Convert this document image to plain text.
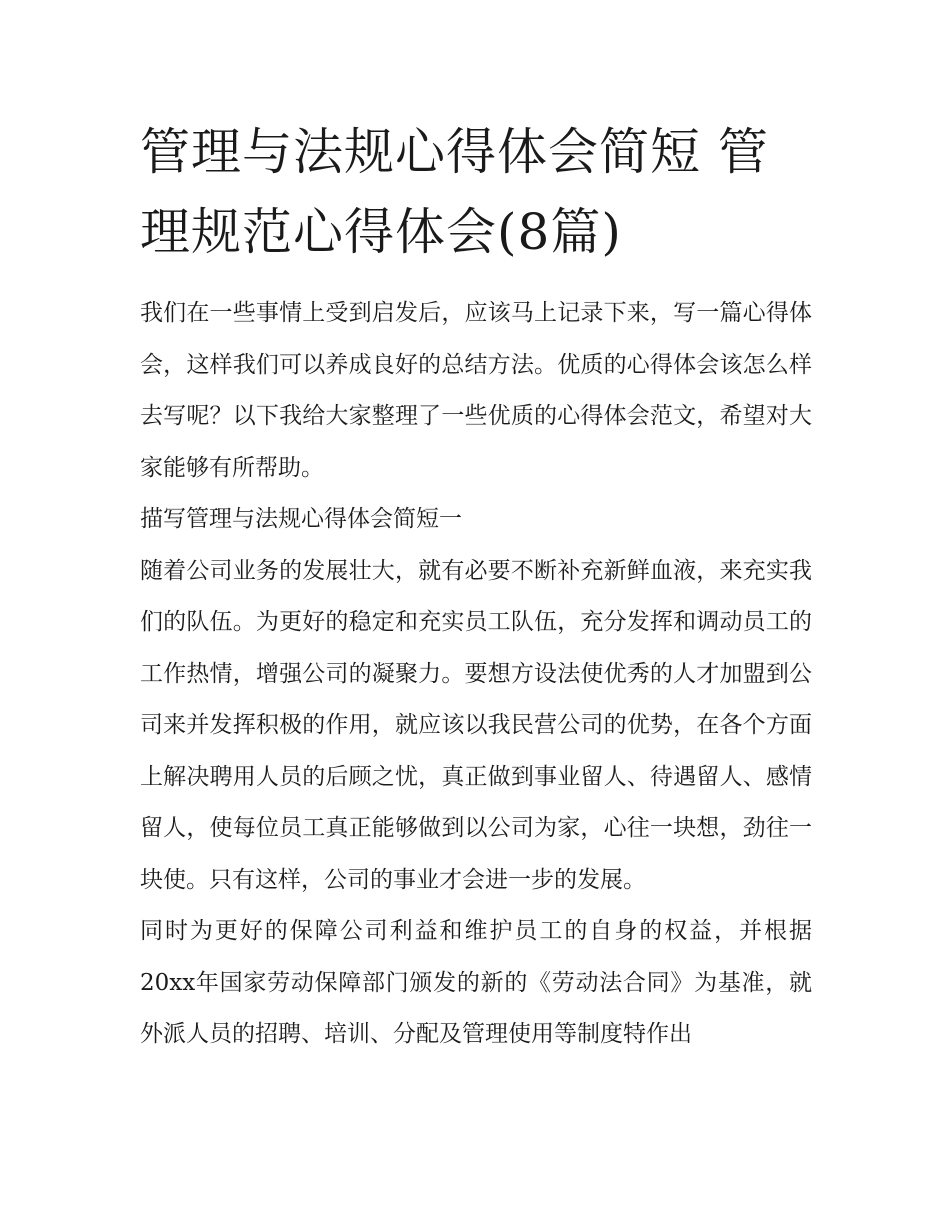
管理与法规心得体会简短 管理规范心得体会(8篇)

我们在一些事情上受到启发后，应该马上记录下来，写一篇心得体会，这样我们可以养成良好的总结方法。优质的心得体会该怎么样去写呢？以下我给大家整理了一些优质的心得体会范文，希望对大家能够有所帮助。

描写管理与法规心得体会简短一

随着公司业务的发展壮大，就有必要不断补充新鲜血液，来充实我们的队伍。为更好的稳定和充实员工队伍，充分发挥和调动员工的工作热情，增强公司的凝聚力。要想方设法使优秀的人才加盟到公司来并发挥积极的作用，就应该以我民营公司的优势，在各个方面上解决聘用人员的后顾之忧，真正做到事业留人、待遇留人、感情留人，使每位员工真正能够做到以公司为家，心往一块想，劲往一块使。只有这样，公司的事业才会进一步的发展。

同时为更好的保障公司利益和维护员工的自身的权益，并根据20xx年国家劳动保障部门颁发的新的《劳动法合同》为基准，就外派人员的招聘、培训、分配及管理使用等制度特作出
